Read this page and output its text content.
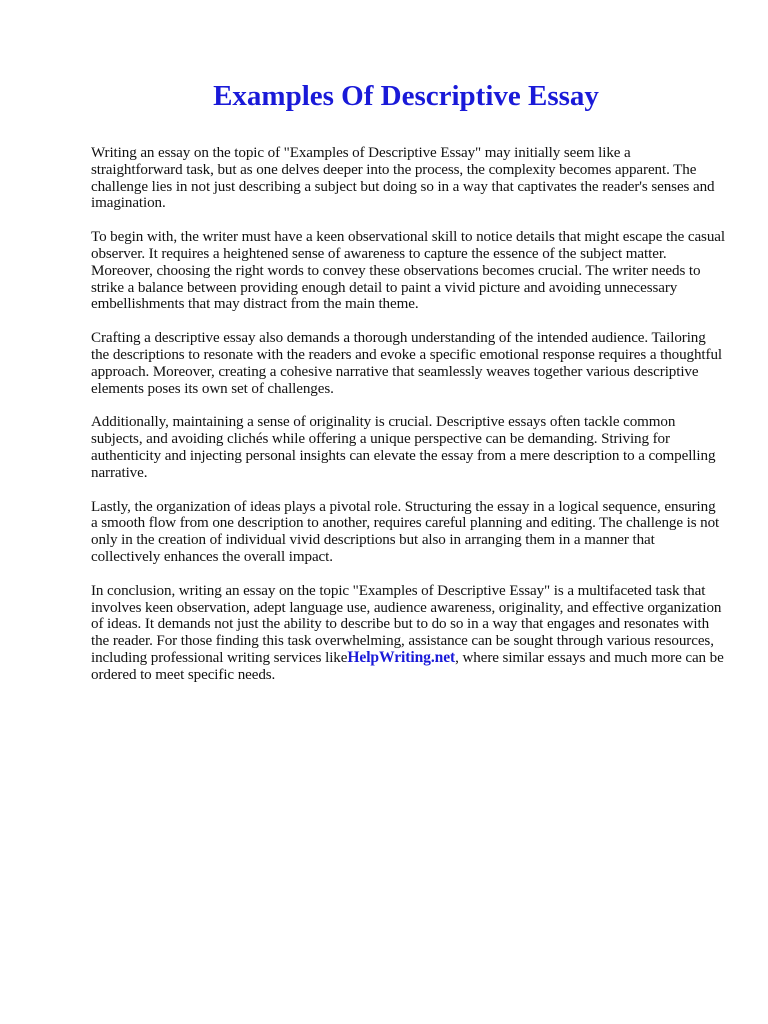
Examples Of Descriptive Essay

Writing an essay on the topic of "Examples of Descriptive Essay" may initially seem like a straightforward task, but as one delves deeper into the process, the complexity becomes apparent. The challenge lies in not just describing a subject but doing so in a way that captivates the reader's senses and imagination.

To begin with, the writer must have a keen observational skill to notice details that might escape the casual observer. It requires a heightened sense of awareness to capture the essence of the subject matter. Moreover, choosing the right words to convey these observations becomes crucial. The writer needs to strike a balance between providing enough detail to paint a vivid picture and avoiding unnecessary embellishments that may distract from the main theme.

Crafting a descriptive essay also demands a thorough understanding of the intended audience. Tailoring the descriptions to resonate with the readers and evoke a specific emotional response requires a thoughtful approach. Moreover, creating a cohesive narrative that seamlessly weaves together various descriptive elements poses its own set of challenges.

Additionally, maintaining a sense of originality is crucial. Descriptive essays often tackle common subjects, and avoiding clichés while offering a unique perspective can be demanding. Striving for authenticity and injecting personal insights can elevate the essay from a mere description to a compelling narrative.

Lastly, the organization of ideas plays a pivotal role. Structuring the essay in a logical sequence, ensuring a smooth flow from one description to another, requires careful planning and editing. The challenge is not only in the creation of individual vivid descriptions but also in arranging them in a manner that collectively enhances the overall impact.

In conclusion, writing an essay on the topic "Examples of Descriptive Essay" is a multifaceted task that involves keen observation, adept language use, audience awareness, originality, and effective organization of ideas. It demands not just the ability to describe but to do so in a way that engages and resonates with the reader. For those finding this task overwhelming, assistance can be sought through various resources, including professional writing services likeHelpWriting.net, where similar essays and much more can be ordered to meet specific needs.
